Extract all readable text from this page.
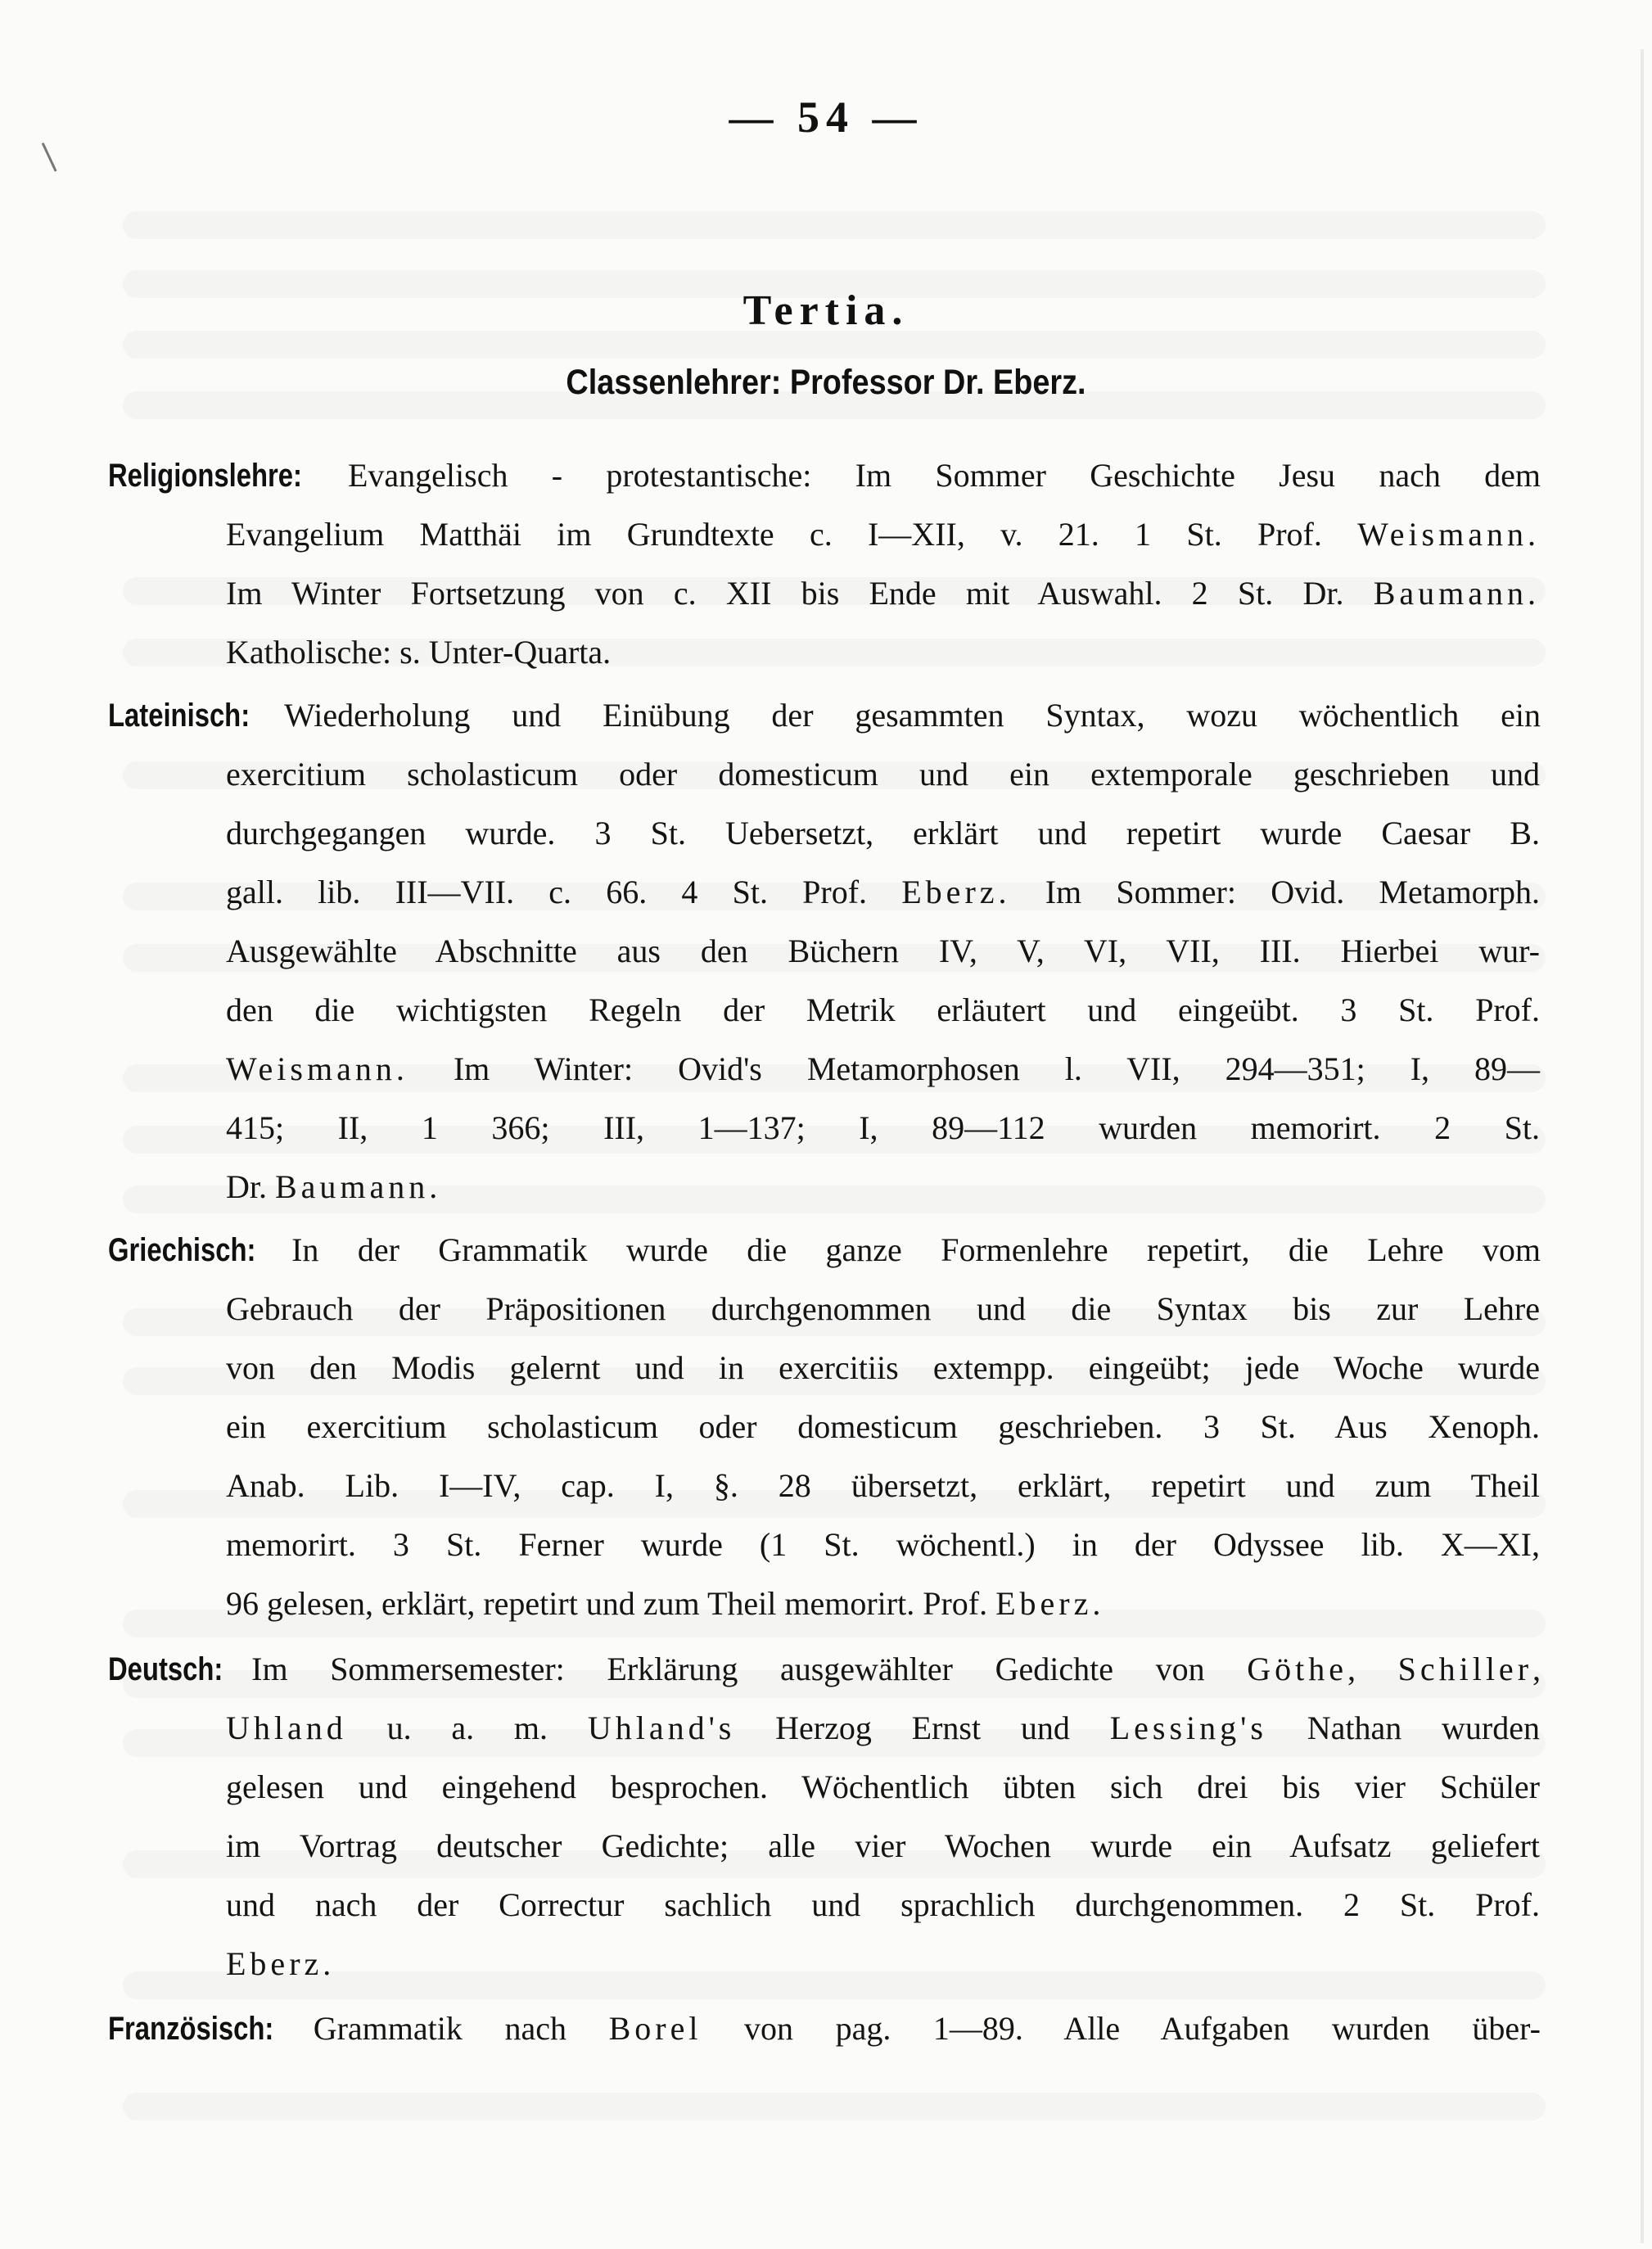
— 54 —
Tertia.
Classenlehrer: Professor Dr. Eberz.
Religionslehre: Evangelisch - protestantische: Im Sommer Geschichte Jesu nach dem
Evangelium Matthäi im Grundtexte c. I—XII, v. 21. 1 St. Prof. Weismann.
Im Winter Fortsetzung von c. XII bis Ende mit Auswahl. 2 St. Dr. Baumann.
Katholische: s. Unter-Quarta.
Lateinisch: Wiederholung und Einübung der gesammten Syntax, wozu wöchentlich ein
exercitium scholasticum oder domesticum und ein extemporale geschrieben und
durchgegangen wurde. 3 St. Uebersetzt, erklärt und repetirt wurde Caesar B.
gall. lib. III—VII. c. 66. 4 St. Prof. Eberz. Im Sommer: Ovid. Metamorph.
Ausgewählte Abschnitte aus den Büchern IV, V, VI, VII, III. Hierbei wur-
den die wichtigsten Regeln der Metrik erläutert und eingeübt. 3 St. Prof.
Weismann. Im Winter: Ovid's Metamorphosen l. VII, 294—351; I, 89—
415; II, 1 366; III, 1—137; I, 89—112 wurden memorirt. 2 St.
Dr. Baumann.
Griechisch: In der Grammatik wurde die ganze Formenlehre repetirt, die Lehre vom
Gebrauch der Präpositionen durchgenommen und die Syntax bis zur Lehre
von den Modis gelernt und in exercitiis extempp. eingeübt; jede Woche wurde
ein exercitium scholasticum oder domesticum geschrieben. 3 St. Aus Xenoph.
Anab. Lib. I—IV, cap. I, §. 28 übersetzt, erklärt, repetirt und zum Theil
memorirt. 3 St. Ferner wurde (1 St. wöchentl.) in der Odyssee lib. X—XI,
96 gelesen, erklärt, repetirt und zum Theil memorirt. Prof. Eberz.
Deutsch: Im Sommersemester: Erklärung ausgewählter Gedichte von Göthe, Schiller,
Uhland u. a. m. Uhland's Herzog Ernst und Lessing's Nathan wurden
gelesen und eingehend besprochen. Wöchentlich übten sich drei bis vier Schüler
im Vortrag deutscher Gedichte; alle vier Wochen wurde ein Aufsatz geliefert
und nach der Correctur sachlich und sprachlich durchgenommen. 2 St. Prof.
Eberz.
Französisch: Grammatik nach Borel von pag. 1—89. Alle Aufgaben wurden über-
